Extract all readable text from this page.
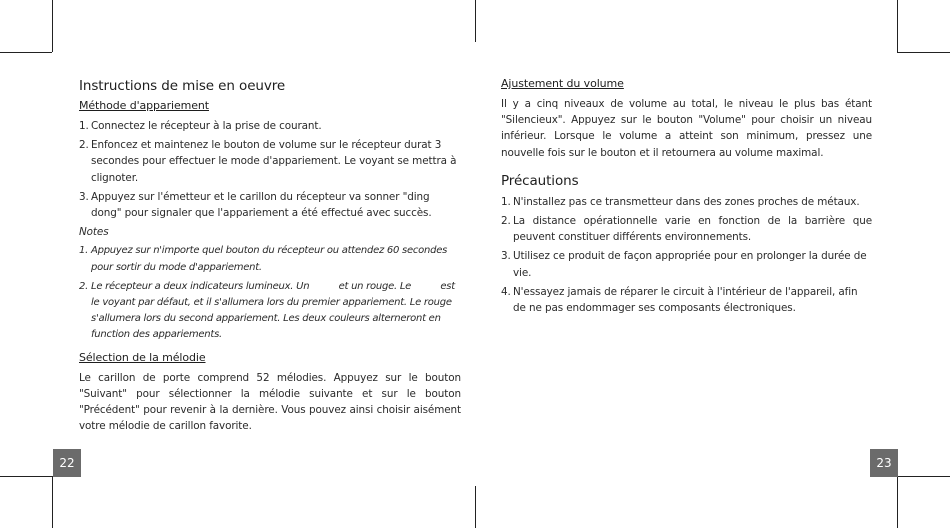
Instructions de mise en oeuvre
Méthode d'appariement
1. Connectez le récepteur à la prise de courant.
2. Enfoncez et maintenez le bouton de volume sur le récepteur durat 3 secondes pour effectuer le mode d'appariement. Le voyant se mettra à clignoter.
3. Appuyez sur l'émetteur et le carillon du récepteur va sonner "ding dong" pour signaler que l'appariement a été effectué avec succès.
Notes
1. Appuyez sur n'importe quel bouton du récepteur ou attendez 60 secondes pour sortir du mode d'appariement.
2. Le récepteur a deux indicateurs lumineux. Un          et un rouge. Le          est le voyant par défaut, et il s'allumera lors du premier appariement. Le rouge s'allumera lors du second appariement. Les deux couleurs alterneront en function des appariements.
Sélection de la mélodie

Le carillon de porte comprend 52 mélodies. Appuyez sur le bouton "Suivant" pour sélectionner la mélodie suivante et sur le bouton "Précédent" pour revenir à la dernière. Vous pouvez ainsi choisir aisément votre mélodie de carillon favorite.

22
Ajustement du volume

Il y a cinq niveaux de volume au total, le niveau le plus bas étant "Silencieux". Appuyez sur le bouton "Volume" pour choisir un niveau inférieur. Lorsque le volume a atteint son minimum, pressez une nouvelle fois sur le bouton et il retournera au volume maximal.

Précautions
1. N'installez pas ce transmetteur dans des zones proches de métaux.
2. La distance opérationnelle varie en fonction de la barrière que peuvent constituer différents environnements.
3. Utilisez ce produit de façon appropriée pour en prolonger la durée de vie.
4. N'essayez jamais de réparer le circuit à l'intérieur de l'appareil, afin de ne pas endommager ses composants électroniques.
23
